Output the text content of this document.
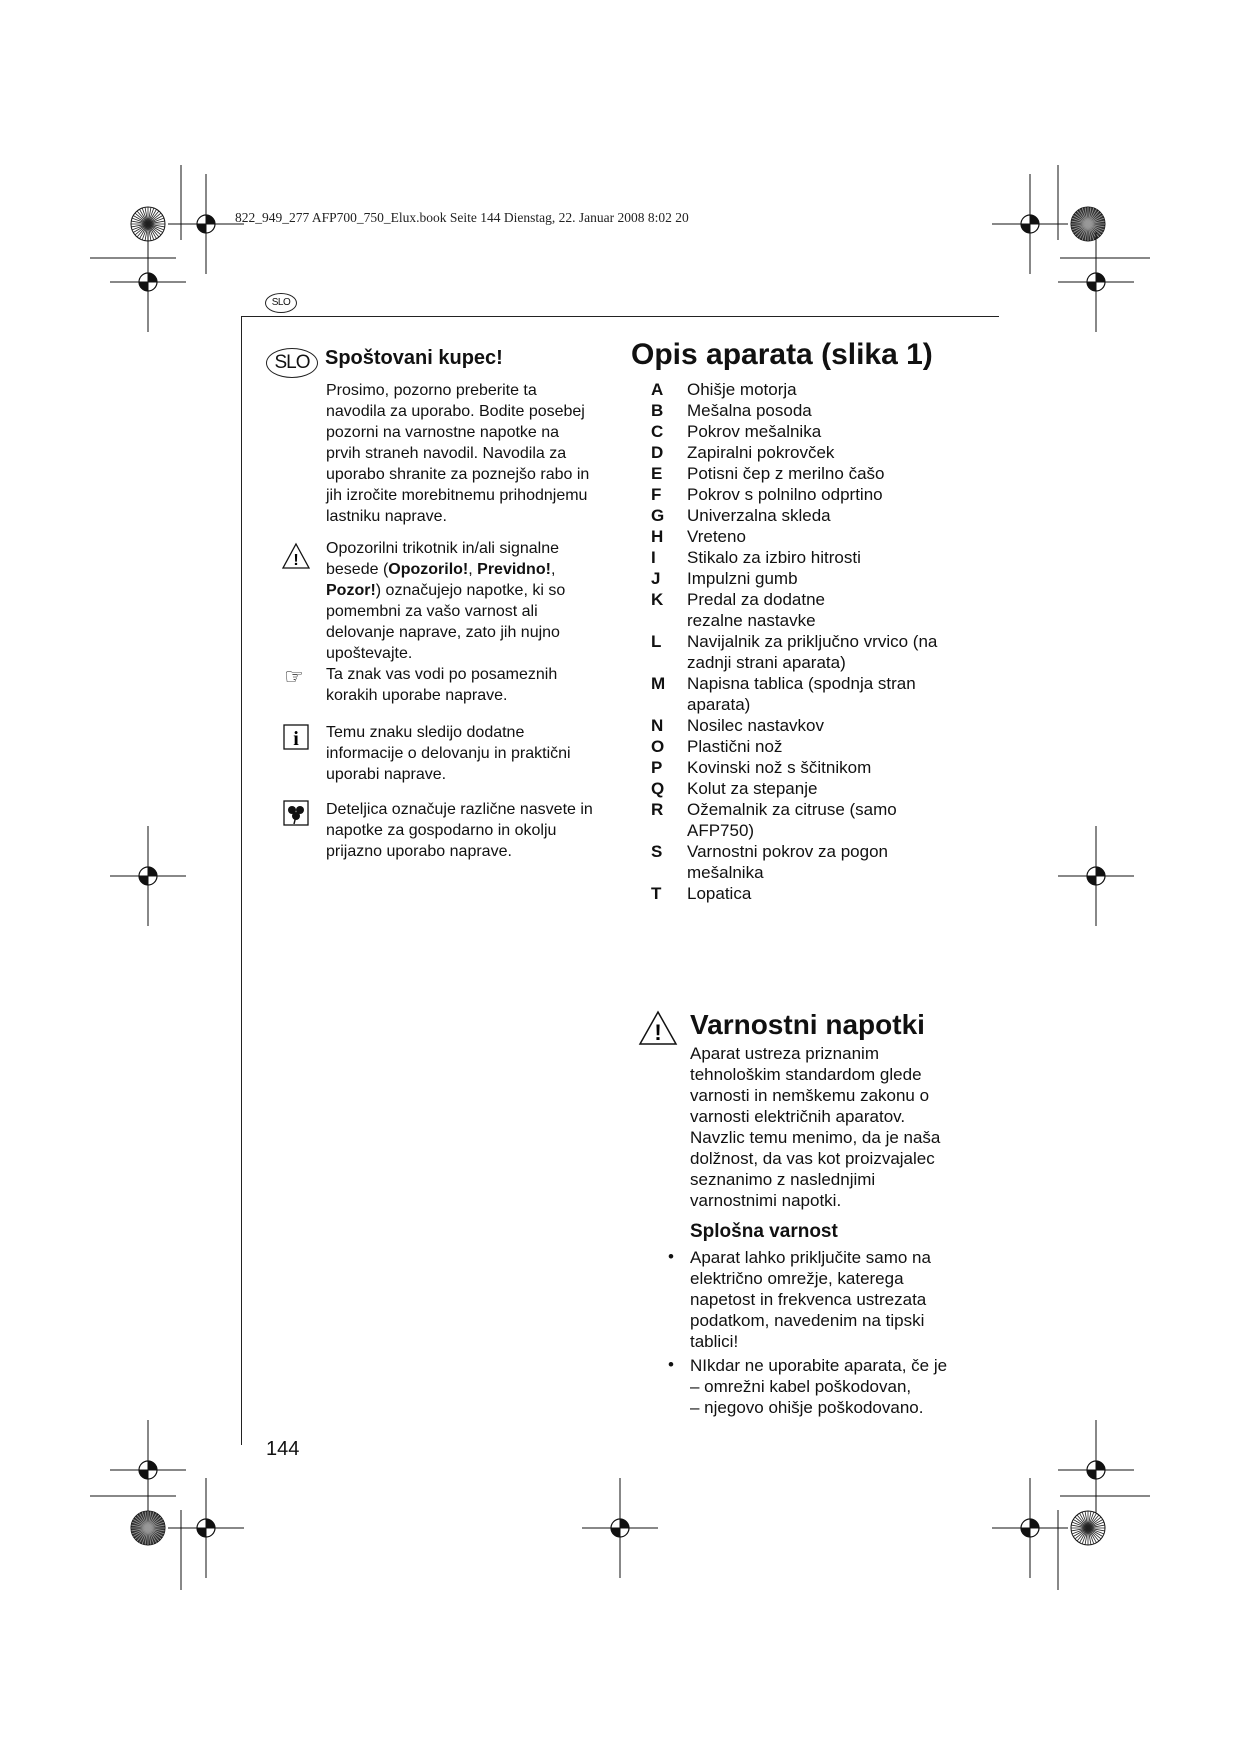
822_949_277 AFP700_750_Elux.book Seite 144 Dienstag, 22. Januar 2008 8:02 20
SLO
SLO Spoštovani kupec!
Prosimo, pozorno preberite ta
navodila za uporabo. Bodite posebej
pozorni na varnostne napotke na
prvih straneh navodil. Navodila za
uporabo shranite za poznejšo rabo in
jih izročite morebitnemu prihodnjemu
lastniku naprave.
!
Opozorilni trikotnik in/ali signalne
besede (Opozorilo!, Previdno!,
Pozor!) označujejo napotke, ki so
pomembni za vašo varnost ali
delovanje naprave, zato jih nujno
upoštevajte.
☞ Ta znak vas vodi po posameznih
korakih uporabe naprave.
i Temu znaku sledijo dodatne
informacije o delovanju in praktični
uporabi naprave.
Deteljica označuje različne nasvete in
napotke za gospodarno in okolju
prijazno uporabo naprave.
Opis aparata (slika 1)
A	Ohišje motorja
B	Mešalna posoda
C	Pokrov mešalnika
D	Zapiralni pokrovček
E	Potisni čep z merilno čašo
F	Pokrov s polnilno odprtino
G	Univerzalna skleda
H	Vreteno
I	Stikalo za izbiro hitrosti
J	Impulzni gumb
K	Predal za dodatne
rezalne nastavke
L	Navijalnik za priključno vrvico (na
zadnji strani aparata)
M	Napisna tablica (spodnja stran
aparata)
N	Nosilec nastavkov
O	Plastični nož
P	Kovinski nož s ščitnikom
Q	Kolut za stepanje
R	Ožemalnik za citruse (samo
AFP750)
S	Varnostni pokrov za pogon
mešalnika
T	Lopatica
! Varnostni napotki
Aparat ustreza priznanim
tehnološkim standardom glede
varnosti in nemškemu zakonu o
varnosti električnih aparatov.
Navzlic temu menimo, da je naša
dolžnost, da vas kot proizvajalec
seznanimo z naslednjimi
varnostnimi napotki.
Splošna varnost
• Aparat lahko priključite samo na
električno omrežje, katerega
napetost in frekvenca ustrezata
podatkom, navedenim na tipski
tablici!
• NIkdar ne uporabite aparata, če je
– omrežni kabel poškodovan,
– njegovo ohišje poškodovano.
144
